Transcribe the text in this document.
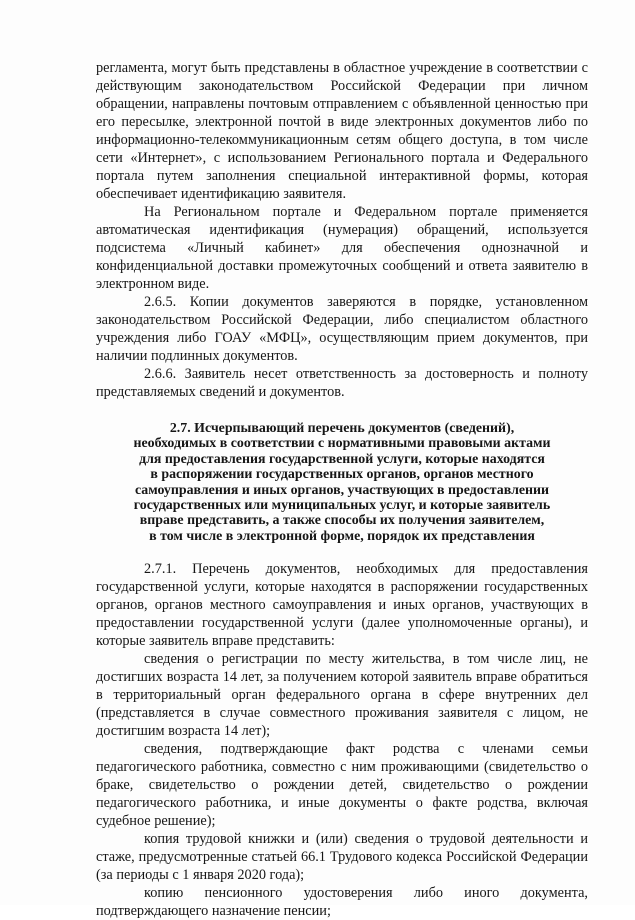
регламента, могут быть представлены в областное учреждение в соответствии с действующим законодательством Российской Федерации при личном обращении, направлены почтовым отправлением с объявленной ценностью при его пересылке, электронной почтой в виде электронных документов либо по информационно-телекоммуникационным сетям общего доступа, в том числе сети «Интернет», с использованием Регионального портала и Федерального портала путем заполнения специальной интерактивной формы, которая обеспечивает идентификацию заявителя.

На Региональном портале и Федеральном портале применяется автоматическая идентификация (нумерация) обращений, используется подсистема «Личный кабинет» для обеспечения однозначной и конфиденциальной доставки промежуточных сообщений и ответа заявителю в электронном виде.

2.6.5. Копии документов заверяются в порядке, установленном законодательством Российской Федерации, либо специалистом областного учреждения либо ГОАУ «МФЦ», осуществляющим прием документов, при наличии подлинных документов.

2.6.6. Заявитель несет ответственность за достоверность и полноту представляемых сведений и документов.

2.7. Исчерпывающий перечень документов (сведений),
необходимых в соответствии с нормативными правовыми актами
для предоставления государственной услуги, которые находятся
в распоряжении государственных органов, органов местного
самоуправления и иных органов, участвующих в предоставлении
государственных или муниципальных услуг, и которые заявитель
вправе представить, а также способы их получения заявителем,
в том числе в электронной форме, порядок их представления

2.7.1. Перечень документов, необходимых для предоставления государственной услуги, которые находятся в распоряжении государственных органов, органов местного самоуправления и иных органов, участвующих в предоставлении государственной услуги (далее уполномоченные органы), и которые заявитель вправе представить:

сведения о регистрации по месту жительства, в том числе лиц, не достигших возраста 14 лет, за получением которой заявитель вправе обратиться в территориальный орган федерального органа в сфере внутренних дел (представляется в случае совместного проживания заявителя с лицом, не достигшим возраста 14 лет);

сведения, подтверждающие факт родства с членами семьи педагогического работника, совместно с ним проживающими (свидетельство о браке, свидетельство о рождении детей, свидетельство о рождении педагогического работника, и иные документы о факте родства, включая судебное решение);

копия трудовой книжки и (или) сведения о трудовой деятельности и стаже, предусмотренные статьей 66.1 Трудового кодекса Российской Федерации (за периоды с 1 января 2020 года);

копию пенсионного удостоверения либо иного документа, подтверждающего назначение пенсии;
